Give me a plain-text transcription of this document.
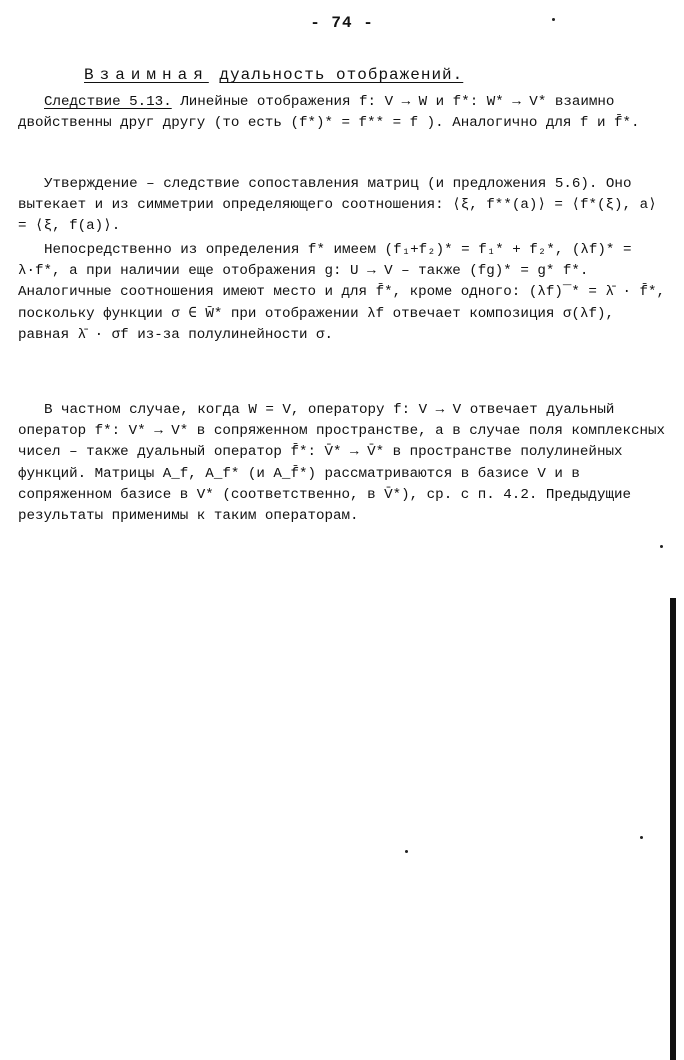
- 74 -
Взаимная дуальность отображений.

Следствие 5.13. Линейные отображения f: V → W и f*: W* → V* взаимно двойственны друг другу (то есть (f*)* = f** = f ). Аналогично для f и f̄*.

Утверждение – следствие сопоставления матриц (и предложения 5.6). Оно вытекает и из симметрии определяющего соотношения: ⟨ξ, f**(a)⟩ = ⟨f*(ξ), a⟩ = ⟨ξ, f(a)⟩.

Непосредственно из определения f* имеем (f₁+f₂)* = f₁* + f₂*, (λf)* = λ·f*, а при наличии еще отображения g: U → V – также (fg)* = g* f*. Аналогичные соотношения имеют место и для f̄*, кроме одного: (λf)‾* = λ̄ · f̄*, поскольку функции σ ∈ W̄* при отображении λf отвечает композиция σ(λf), равная λ̄ · σf из-за полулинейности σ.

В частном случае, когда W = V, оператору f: V → V отвечает дуальный оператор f*: V* → V* в сопряженном пространстве, а в случае поля комплексных чисел – также дуальный оператор f̄*: V̄* → V̄* в пространстве полулинейных функций. Матрицы A_f, A_f* (и A_f̄*) рассматриваются в базисе V и в сопряженном базисе в V* (соответственно, в V̄*), ср. с п. 4.2. Предыдущие результаты применимы к таким операторам.
